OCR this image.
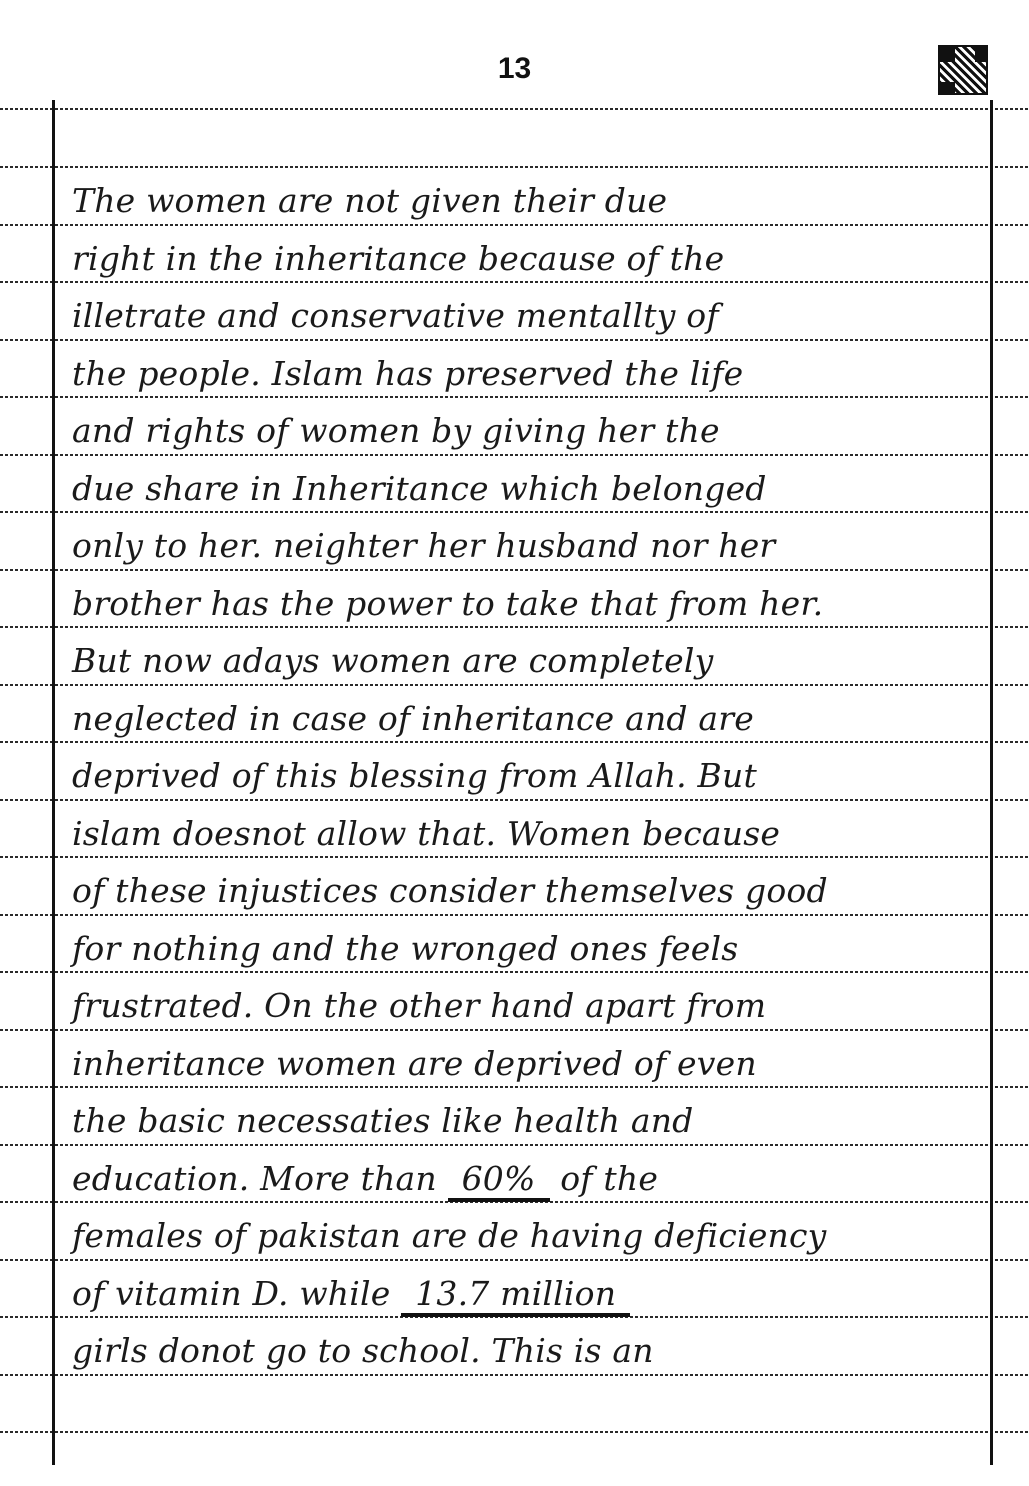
13
The women are not given their due
right in the inheritance because of the
illetrate and conservative mentallty of
the people. Islam has preserved the life
and rights of women by giving her the
due share in Inheritance which belonged
only to her. neighter her husband nor her
brother has the power to take that from her.
But now adays women are completely
neglected in case of inheritance and are
deprived of this blessing from Allah. But
islam doesnot allow that. Women because
of these injustices consider themselves good
for nothing and the wronged ones feels
frustrated. On the other hand apart from
inheritance women are deprived of even
the basic necessaties like health and
education. More than 60% of the
females of pakistan are de having deficiency
of vitamin D. while 13.7 million
girls donot go to school. This is an
